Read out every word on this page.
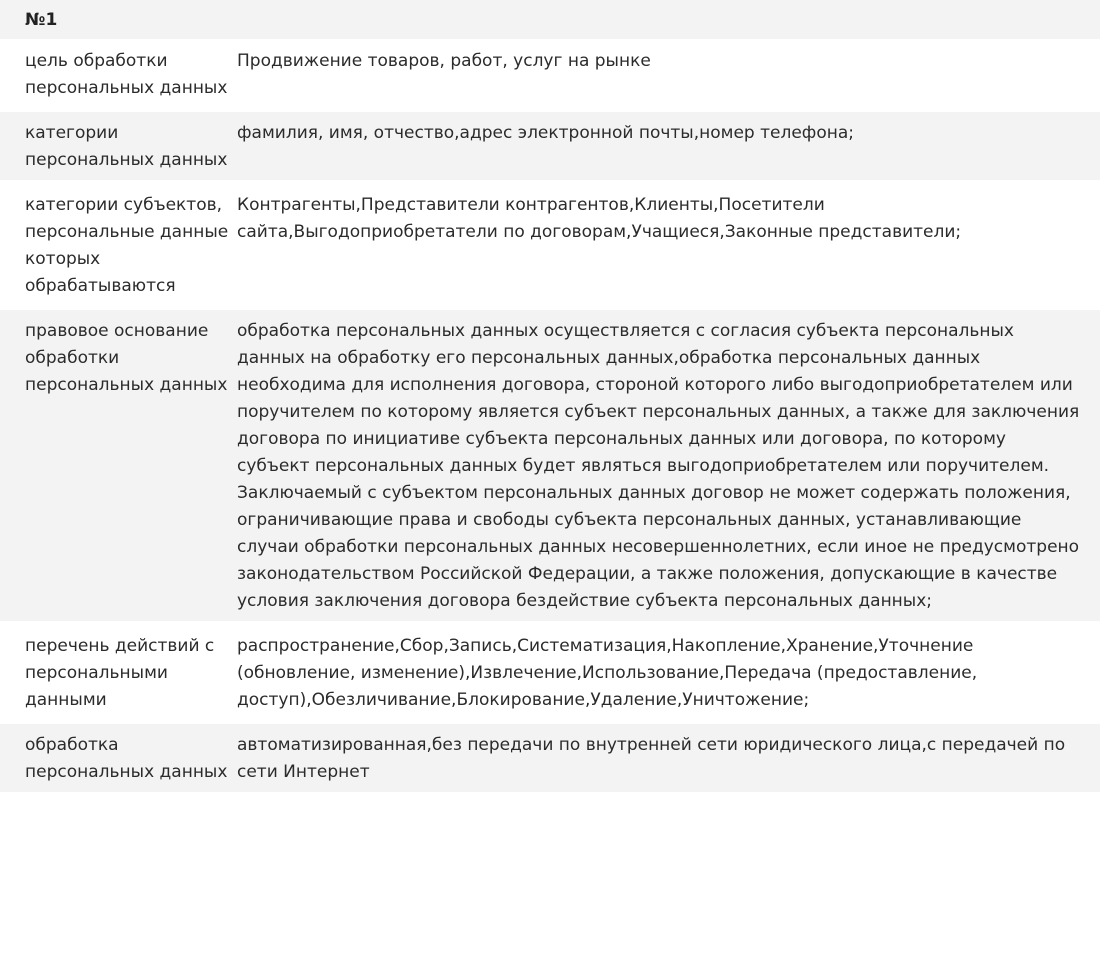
№1
цель обработки персональных данных	Продвижение товаров, работ, услуг на рынке
категории персональных данных	фамилия, имя, отчество,адрес электронной почты,номер телефона;
категории субъектов, персональные данные которых обрабатываются	Контрагенты,Представители контрагентов,Клиенты,Посетители сайта,Выгодоприобретатели по договорам,Учащиеся,Законные представители;
правовое основание обработки персональных данных	обработка персональных данных осуществляется с согласия субъекта персональных данных на обработку его персональных данных,обработка персональных данных необходима для исполнения договора, стороной которого либо выгодоприобретателем или поручителем по которому является субъект персональных данных, а также для заключения договора по инициативе субъекта персональных данных или договора, по которому субъект персональных данных будет являться выгодоприобретателем или поручителем. Заключаемый с субъектом персональных данных договор не может содержать положения, ограничивающие права и свободы субъекта персональных данных, устанавливающие случаи обработки персональных данных несовершеннолетних, если иное не предусмотрено законодательством Российской Федерации, а также положения, допускающие в качестве условия заключения договора бездействие субъекта персональных данных;
перечень действий с персональными данными	распространение,Сбор,Запись,Систематизация,Накопление,Хранение,Уточнение (обновление, изменение),Извлечение,Использование,Передача (предоставление, доступ),Обезличивание,Блокирование,Удаление,Уничтожение;
обработка персональных данных	автоматизированная,без передачи по внутренней сети юридического лица,с передачей по сети Интернет
